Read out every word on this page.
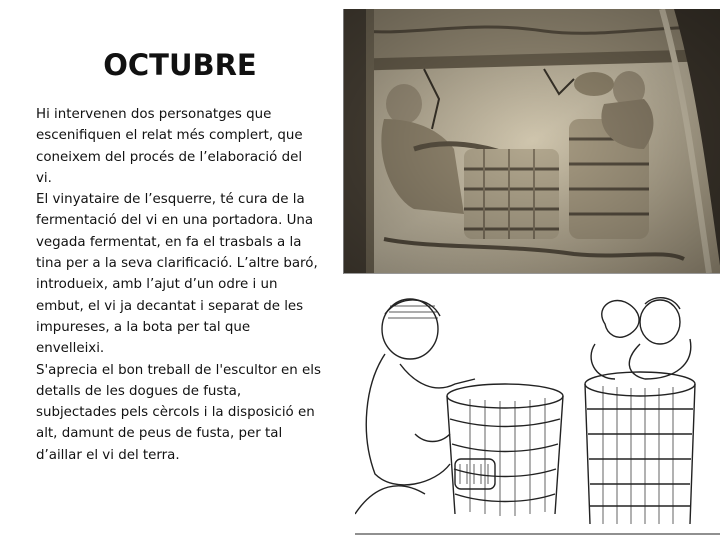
OCTUBRE

Hi intervenen dos personatges que escenifiquen el relat més complert, que coneixem del procés de l’elaboració del vi.

El vinyataire de l’esquerre, té cura de la fermentació del vi en una portadora. Una vegada fermentat, en fa el trasbals a la tina per a la seva clarificació. L’altre baró, introdueix, amb l’ajut d’un odre i un embut, el vi ja decantat i separat de les impureses, a la bota per tal que envelleixi.

S'aprecia el bon treball de l'escultor en els detalls de les dogues de fusta, subjectades pels cèrcols i la disposició en alt, damunt de peus de fusta, per tal d’aillar el vi del terra.
